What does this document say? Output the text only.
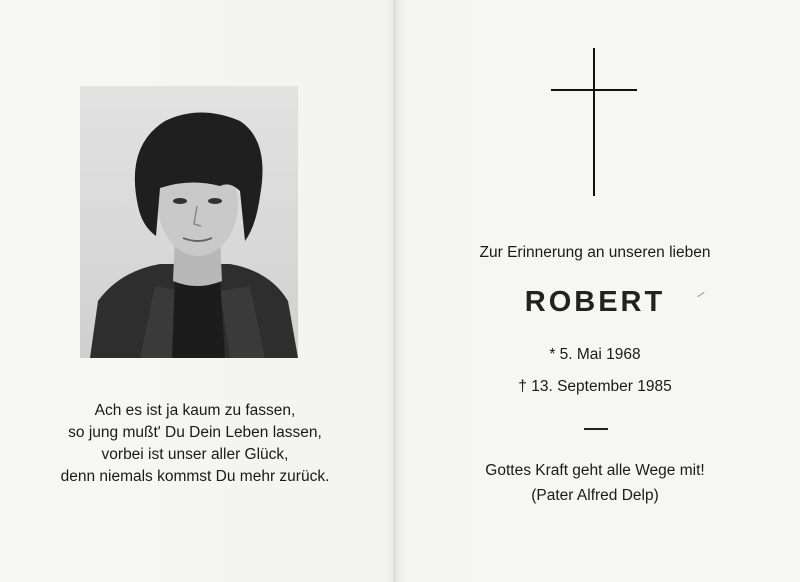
Ach es ist ja kaum zu fassen,
so jung mußt' Du Dein Leben lassen,
vorbei ist unser aller Glück,
denn niemals kommst Du mehr zurück.
Zur Erinnerung an unseren lieben
ROBERT
* 5. Mai 1968
† 13. September 1985
Gottes Kraft geht alle Wege mit!
(Pater Alfred Delp)
